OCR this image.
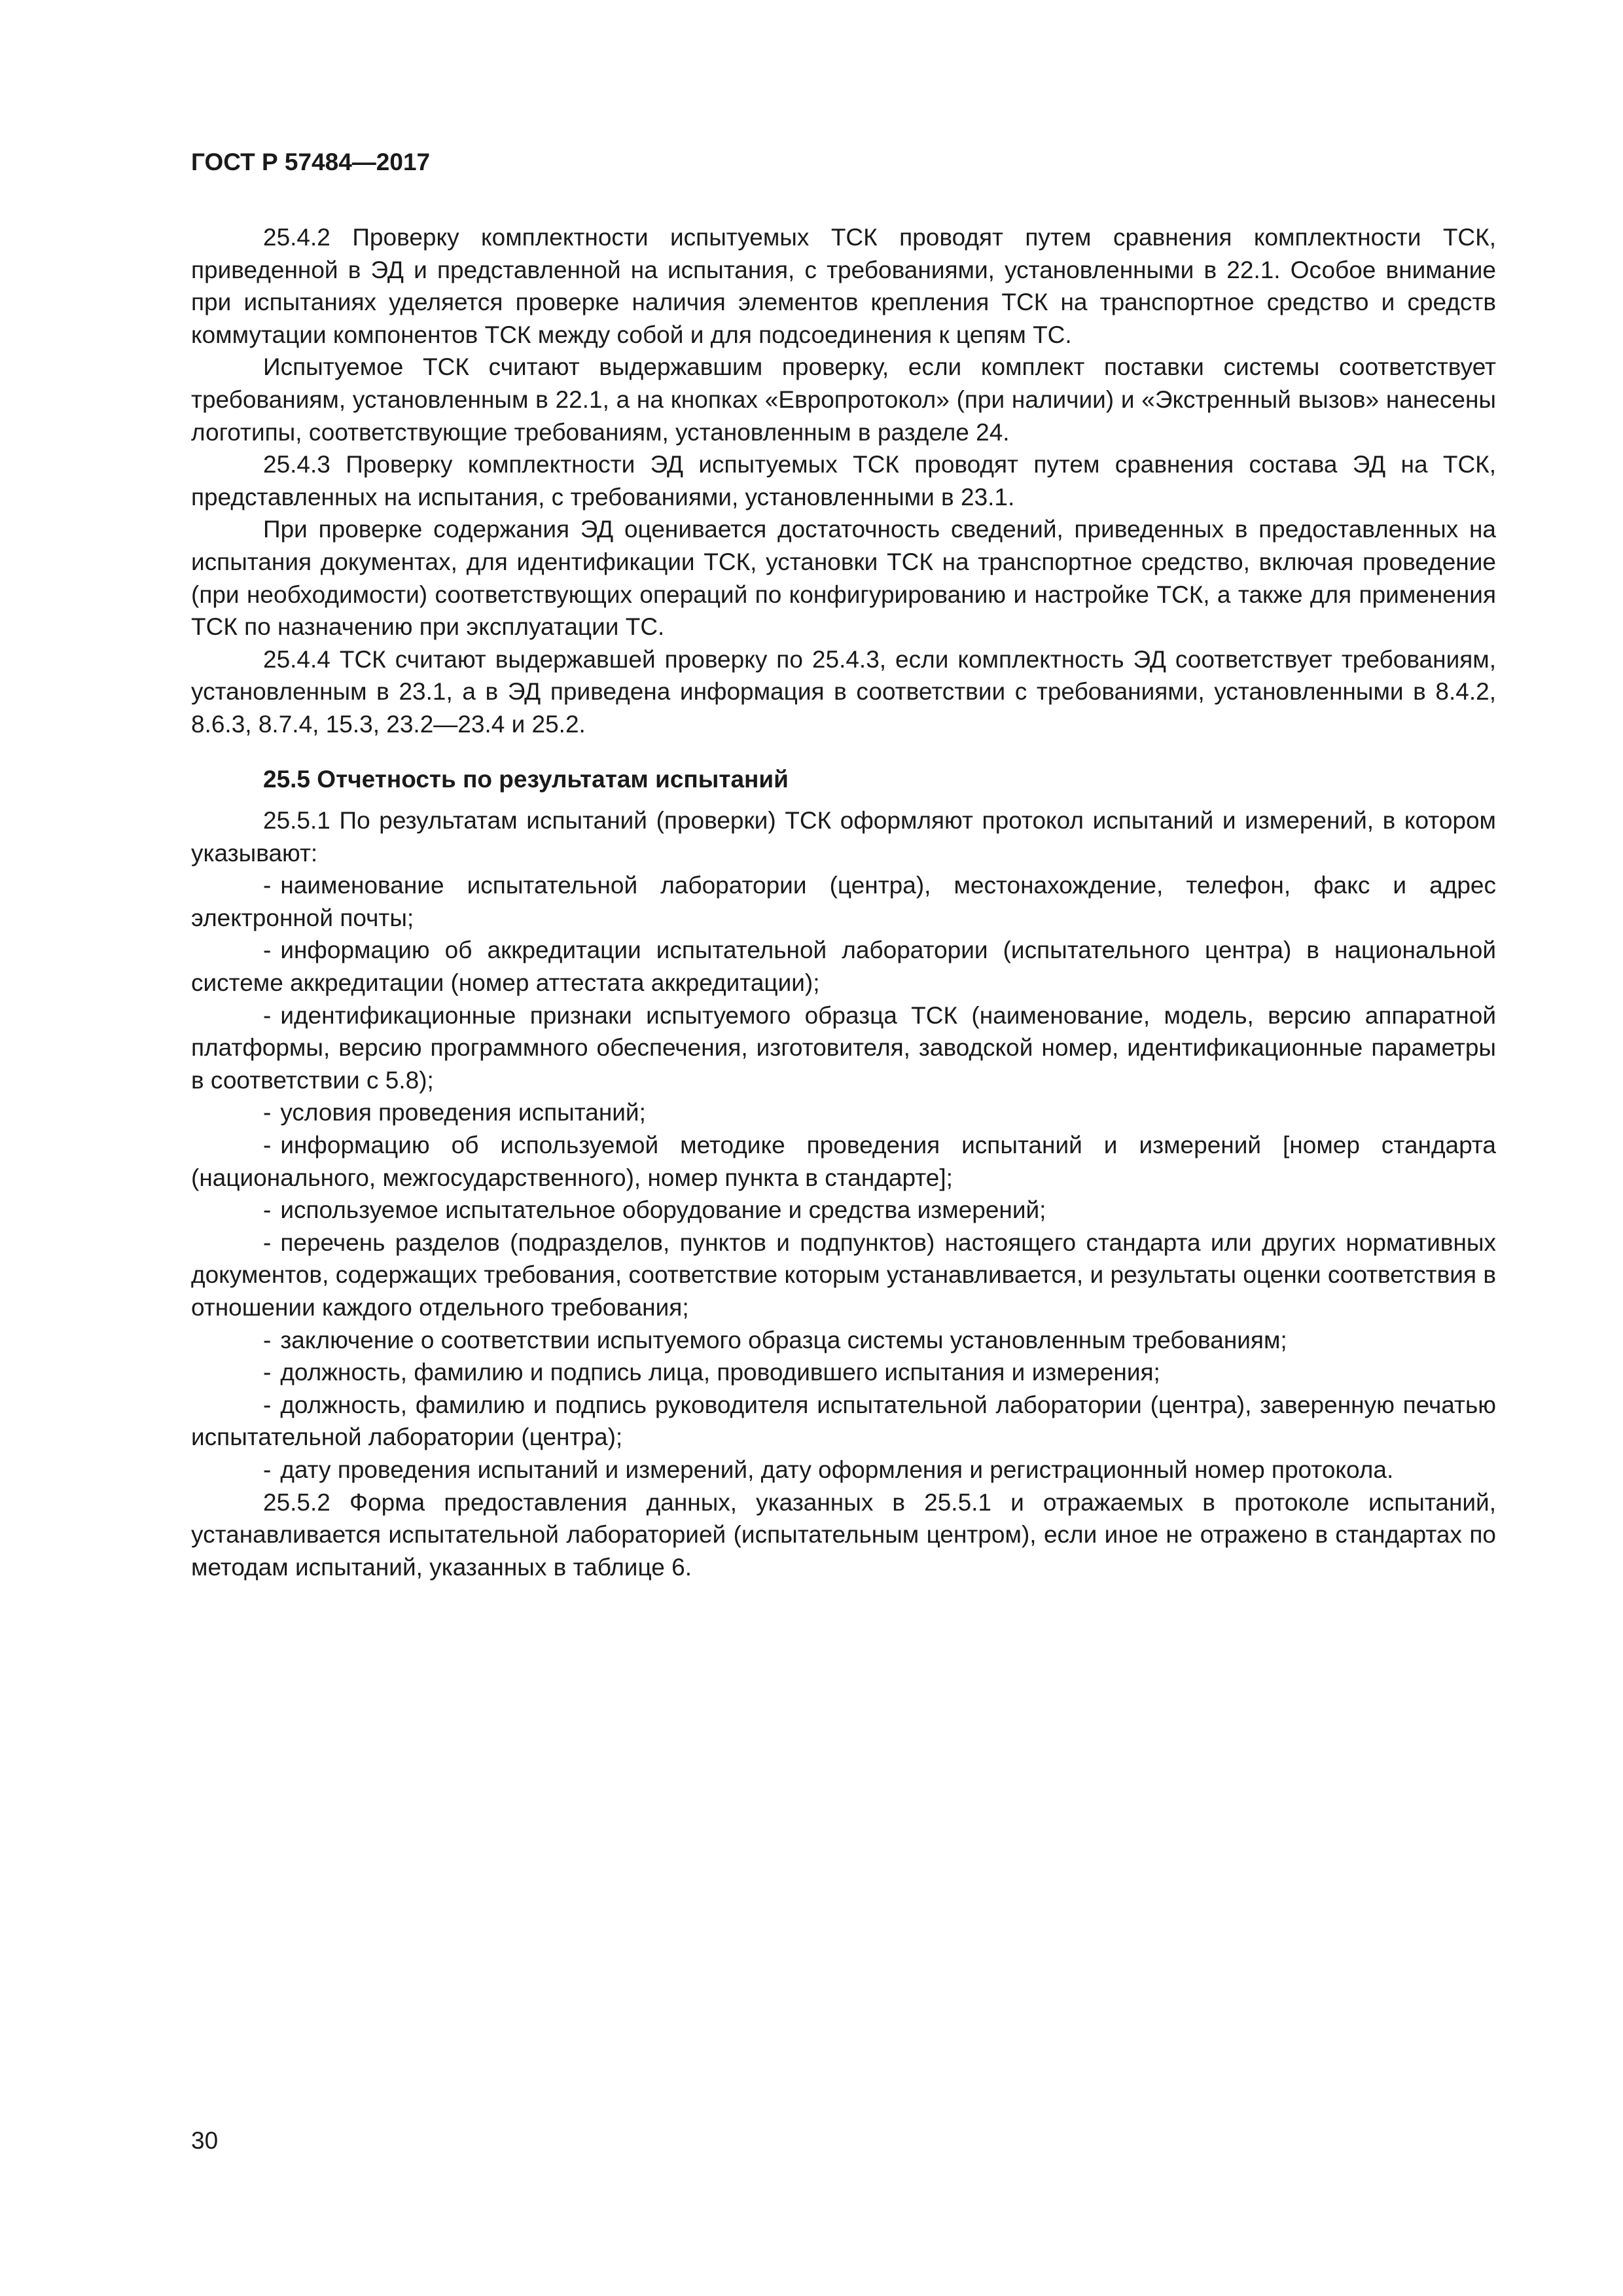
ГОСТ Р 57484—2017

25.4.2 Проверку комплектности испытуемых ТСК проводят путем сравнения комплектности ТСК, приведенной в ЭД и представленной на испытания, с требованиями, установленными в 22.1. Особое внимание при испытаниях уделяется проверке наличия элементов крепления ТСК на транспортное средство и средств коммутации компонентов ТСК между собой и для подсоединения к цепям ТС.

Испытуемое ТСК считают выдержавшим проверку, если комплект поставки системы соответствует требованиям, установленным в 22.1, а на кнопках «Европротокол» (при наличии) и «Экстренный вызов» нанесены логотипы, соответствующие требованиям, установленным в разделе 24.

25.4.3 Проверку комплектности ЭД испытуемых ТСК проводят путем сравнения состава ЭД на ТСК, представленных на испытания, с требованиями, установленными в 23.1.

При проверке содержания ЭД оценивается достаточность сведений, приведенных в предоставленных на испытания документах, для идентификации ТСК, установки ТСК на транспортное средство, включая проведение (при необходимости) соответствующих операций по конфигурированию и настройке ТСК, а также для применения ТСК по назначению при эксплуатации ТС.

25.4.4 ТСК считают выдержавшей проверку по 25.4.3, если комплектность ЭД соответствует требованиям, установленным в 23.1, а в ЭД приведена информация в соответствии с требованиями, установленными в 8.4.2, 8.6.3, 8.7.4, 15.3, 23.2—23.4 и 25.2.

25.5 Отчетность по результатам испытаний

25.5.1 По результатам испытаний (проверки) ТСК оформляют протокол испытаний и измерений, в котором указывают:

- наименование испытательной лаборатории (центра), местонахождение, телефон, факс и адрес электронной почты;
- информацию об аккредитации испытательной лаборатории (испытательного центра) в национальной системе аккредитации (номер аттестата аккредитации);
- идентификационные признаки испытуемого образца ТСК (наименование, модель, версию аппаратной платформы, версию программного обеспечения, изготовителя, заводской номер, идентификационные параметры в соответствии с 5.8);
- условия проведения испытаний;
- информацию об используемой методике проведения испытаний и измерений [номер стандарта (национального, межгосударственного), номер пункта в стандарте];
- используемое испытательное оборудование и средства измерений;
- перечень разделов (подразделов, пунктов и подпунктов) настоящего стандарта или других нормативных документов, содержащих требования, соответствие которым устанавливается, и результаты оценки соответствия в отношении каждого отдельного требования;
- заключение о соответствии испытуемого образца системы установленным требованиям;
- должность, фамилию и подпись лица, проводившего испытания и измерения;
- должность, фамилию и подпись руководителя испытательной лаборатории (центра), заверенную печатью испытательной лаборатории (центра);
- дату проведения испытаний и измерений, дату оформления и регистрационный номер протокола.

25.5.2 Форма предоставления данных, указанных в 25.5.1 и отражаемых в протоколе испытаний, устанавливается испытательной лабораторией (испытательным центром), если иное не отражено в стандартах по методам испытаний, указанных в таблице 6.

30
